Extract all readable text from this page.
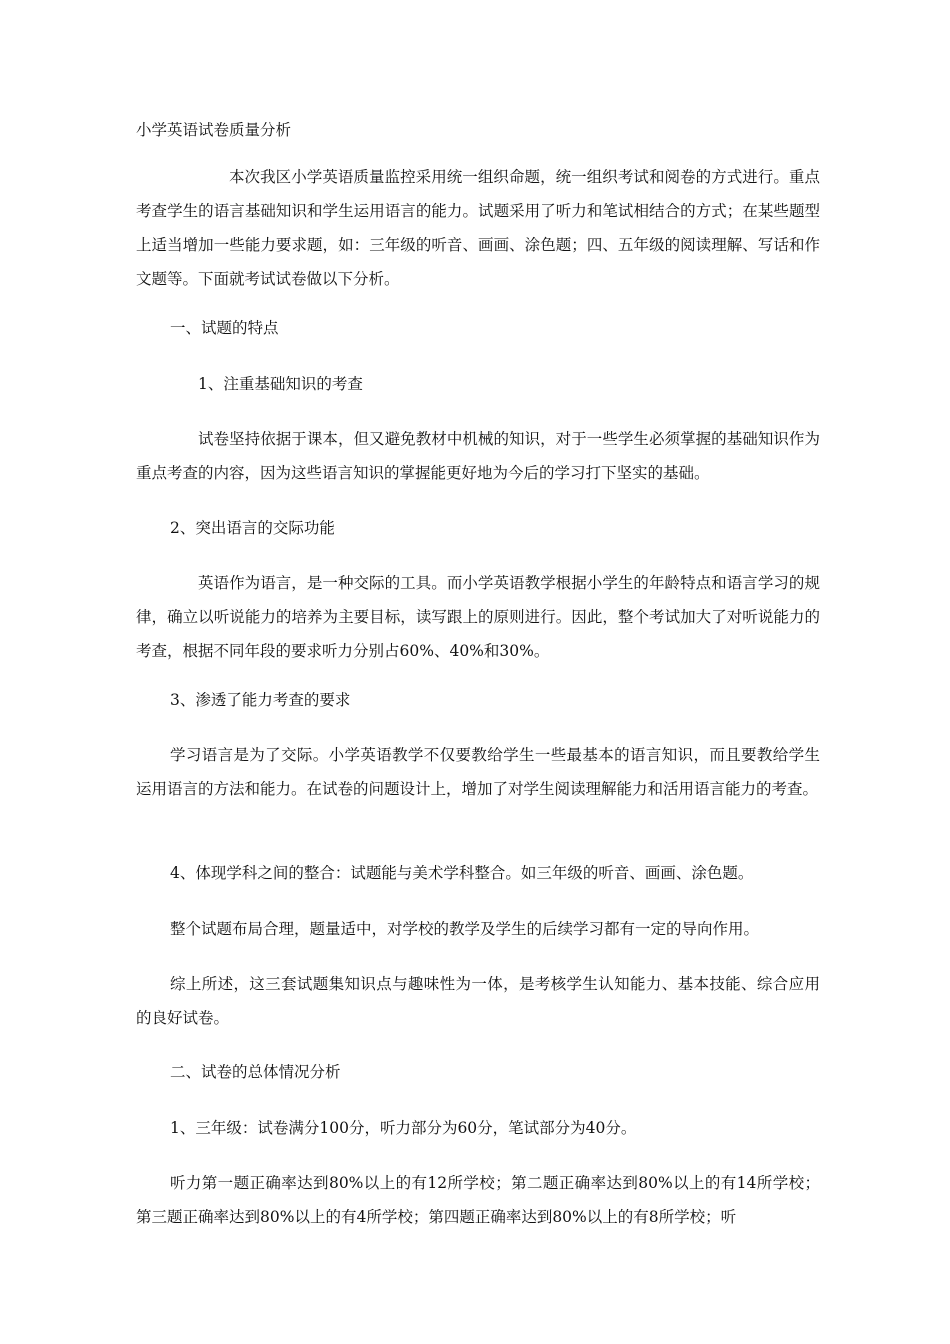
小学英语试卷质量分析

本次我区小学英语质量监控采用统一组织命题，统一组织考试和阅卷的方式进行。重点考查学生的语言基础知识和学生运用语言的能力。试题采用了听力和笔试相结合的方式；在某些题型上适当增加一些能力要求题，如：三年级的听音、画画、涂色题；四、五年级的阅读理解、写话和作文题等。下面就考试试卷做以下分析。

一、试题的特点

1、注重基础知识的考查

试卷坚持依据于课本，但又避免教材中机械的知识，对于一些学生必须掌握的基础知识作为重点考查的内容，因为这些语言知识的掌握能更好地为今后的学习打下坚实的基础。

2、突出语言的交际功能

英语作为语言，是一种交际的工具。而小学英语教学根据小学生的年龄特点和语言学习的规律，确立以听说能力的培养为主要目标，读写跟上的原则进行。因此，整个考试加大了对听说能力的考查，根据不同年段的要求听力分别占60%、40%和30%。

3、渗透了能力考查的要求

学习语言是为了交际。小学英语教学不仅要教给学生一些最基本的语言知识，而且要教给学生运用语言的方法和能力。在试卷的问题设计上，增加了对学生阅读理解能力和活用语言能力的考查。

4、体现学科之间的整合：试题能与美术学科整合。如三年级的听音、画画、涂色题。

整个试题布局合理，题量适中，对学校的教学及学生的后续学习都有一定的导向作用。

综上所述，这三套试题集知识点与趣味性为一体，是考核学生认知能力、基本技能、综合应用的良好试卷。

二、试卷的总体情况分析

1、三年级：试卷满分100分，听力部分为60分，笔试部分为40分。

听力第一题正确率达到80%以上的有12所学校；第二题正确率达到80%以上的有14所学校；第三题正确率达到80%以上的有4所学校；第四题正确率达到80%以上的有8所学校；听
